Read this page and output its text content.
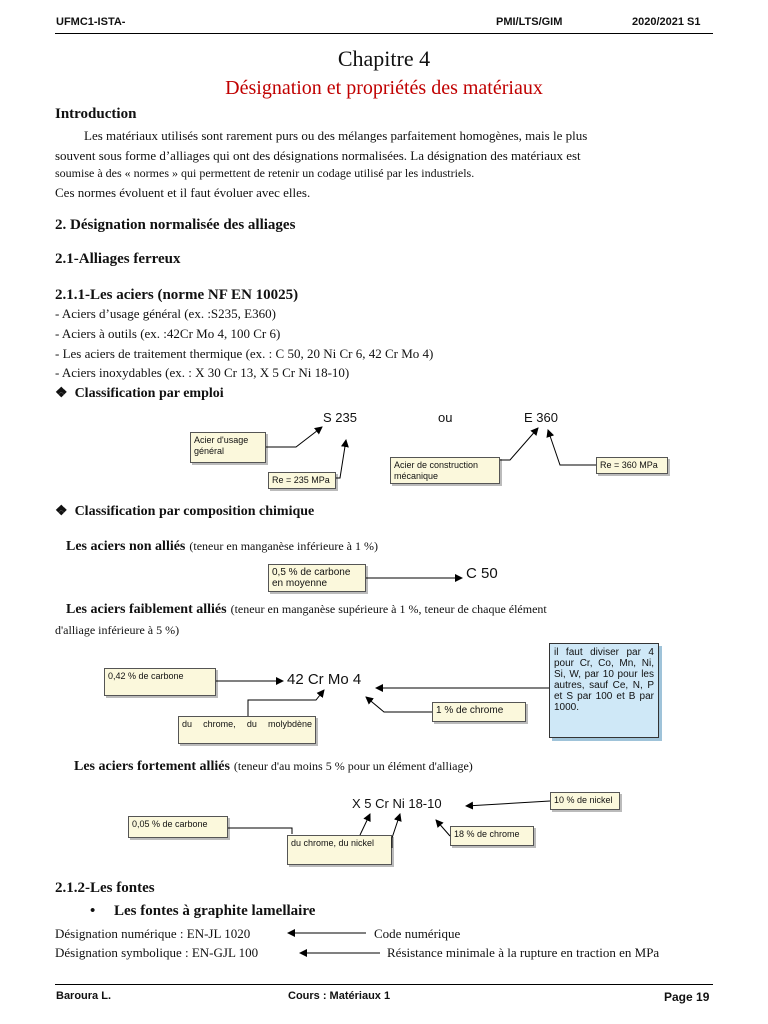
UFMC1-ISTA-	PMI/LTS/GIM	2020/2021 S1
Chapitre 4
Désignation et propriétés des matériaux
Introduction
Les matériaux utilisés sont rarement purs ou des mélanges parfaitement homogènes, mais le plus
souvent sous forme d’alliages qui ont des désignations normalisées. La désignation des matériaux est
soumise à des « normes » qui permettent de retenir un codage utilisé par les industriels.
Ces normes évoluent et il faut évoluer avec elles.
2. Désignation normalisée des alliages
2.1-Alliages ferreux
2.1.1-Les aciers (norme NF EN 10025)
- Aciers d’usage général (ex. :S235, E360)
- Aciers à outils (ex. :42Cr Mo 4, 100 Cr 6)
- Les aciers de traitement thermique (ex. : C 50, 20 Ni Cr 6, 42 Cr Mo 4)
- Aciers inoxydables (ex. : X 30 Cr 13, X 5 Cr Ni 18-10)
❖ Classification par emploi
S 235	ou	E 360
Acier d'usage général
Re = 235 MPa
Acier de construction mécanique
Re = 360 MPa
❖ Classification par composition chimique
Les aciers non alliés (teneur en manganèse inférieure à 1 %)
0,5 % de carbone en moyenne
C 50
Les aciers faiblement alliés (teneur en manganèse supérieure à 1 %, teneur de chaque élément
d'alliage inférieure à 5 %)
0,42 % de carbone	42 Cr Mo 4
du chrome, du molybdène
1 % de chrome
il faut diviser par 4 pour Cr, Co, Mn, Ni, Si, W, par 10 pour les autres, sauf Ce, N, P et S par 100 et B par 1000.
Les aciers fortement alliés (teneur d'au moins 5 % pour un élément d'alliage)
X 5 Cr Ni 18-10
0,05 % de carbone
du chrome, du nickel
10 % de nickel
18 % de chrome
2.1.2-Les fontes
• Les fontes à graphite lamellaire
Désignation numérique : EN-JL 1020	Code numérique
Désignation symbolique : EN-GJL 100	Résistance minimale à la rupture en traction en MPa
Baroura L.	Cours : Matériaux 1	Page 19
